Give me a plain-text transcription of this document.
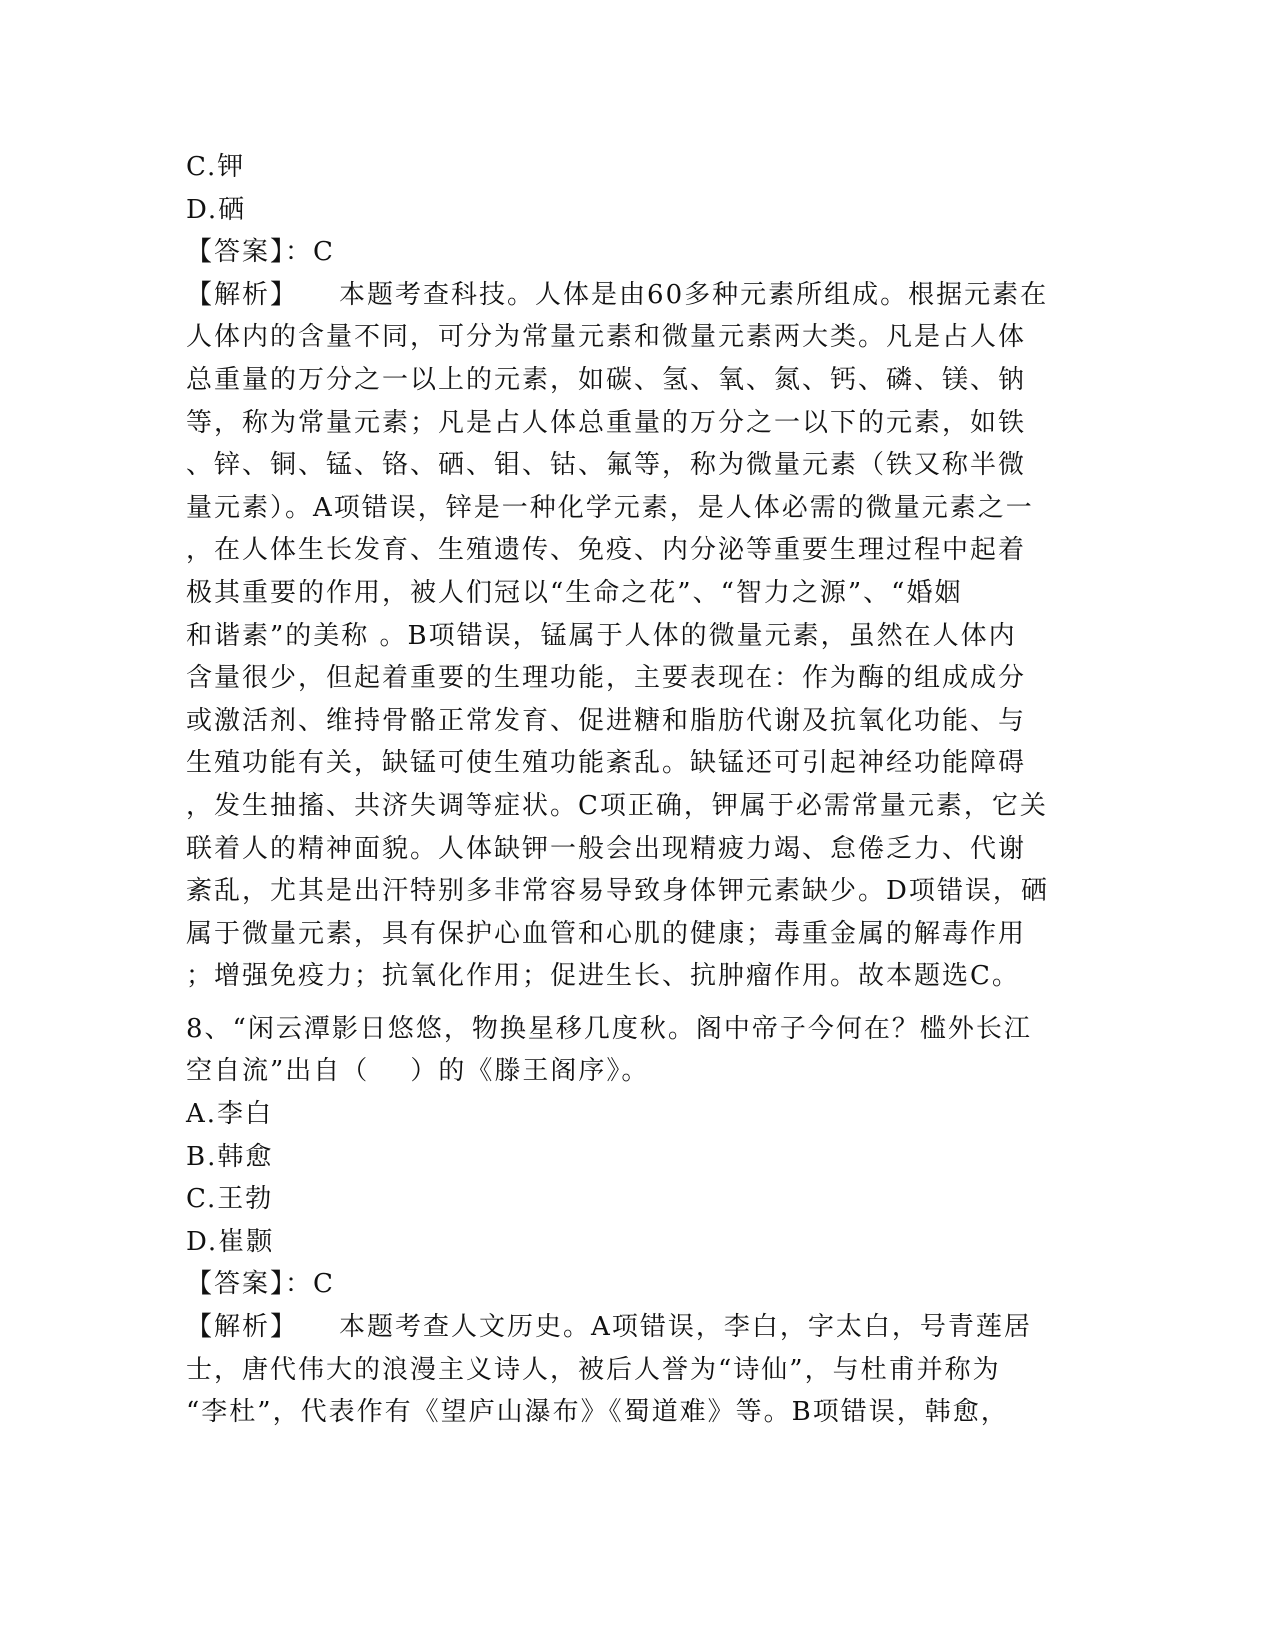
C.钾
D.硒
【答案】：C
【解析】    本题考查科技。人体是由60多种元素所组成。根据元素在
人体内的含量不同，可分为常量元素和微量元素两大类。凡是占人体
总重量的万分之一以上的元素，如碳、氢、氧、氮、钙、磷、镁、钠
等，称为常量元素；凡是占人体总重量的万分之一以下的元素，如铁
、锌、铜、锰、铬、硒、钼、钴、氟等，称为微量元素（铁又称半微
量元素）。A项错误，锌是一种化学元素，是人体必需的微量元素之一
，在人体生长发育、生殖遗传、免疫、内分泌等重要生理过程中起着
极其重要的作用，被人们冠以“生命之花”、“智力之源”、“婚姻
和谐素”的美称 。B项错误，锰属于人体的微量元素，虽然在人体内
含量很少，但起着重要的生理功能，主要表现在：作为酶的组成成分
或激活剂、维持骨骼正常发育、促进糖和脂肪代谢及抗氧化功能、与
生殖功能有关，缺锰可使生殖功能紊乱。缺锰还可引起神经功能障碍
，发生抽搐、共济失调等症状。C项正确，钾属于必需常量元素，它关
联着人的精神面貌。人体缺钾一般会出现精疲力竭、怠倦乏力、代谢
紊乱，尤其是出汗特别多非常容易导致身体钾元素缺少。D项错误，硒
属于微量元素，具有保护心血管和心肌的健康；毒重金属的解毒作用
；增强免疫力；抗氧化作用；促进生长、抗肿瘤作用。故本题选C。
8、“闲云潭影日悠悠，物换星移几度秋。阁中帝子今何在？槛外长江
空自流”出自（    ）的《滕王阁序》。
A.李白
B.韩愈
C.王勃
D.崔颢
【答案】：C
【解析】    本题考查人文历史。A项错误，李白，字太白，号青莲居
士，唐代伟大的浪漫主义诗人，被后人誉为“诗仙”，与杜甫并称为
“李杜”，代表作有《望庐山瀑布》《蜀道难》等。B项错误，韩愈，
